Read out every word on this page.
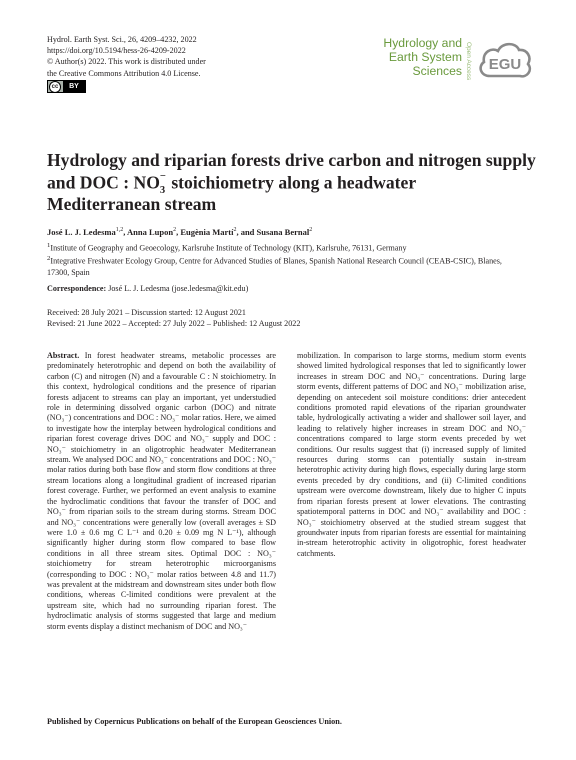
Hydrol. Earth Syst. Sci., 26, 4209–4232, 2022
https://doi.org/10.5194/hess-26-4209-2022
© Author(s) 2022. This work is distributed under
the Creative Commons Attribution 4.0 License.
cc	BY
Hydrology and
Earth System
Sciences Open Access EGU
Hydrology and riparian forests drive carbon and nitrogen supply
and DOC : NO −
3 stoichiometry along a headwater
Mediterranean stream
José L. J. Ledesma$^{1,2}$, Anna Lupon$^2$, Eugènia Martí$^2$, and Susana Bernal$^2$
$^1$Institute of Geography and Geoecology, Karlsruhe Institute of Technology (KIT), Karlsruhe, 76131, Germany
$^2$Integrative Freshwater Ecology Group, Centre for Advanced Studies of Blanes, Spanish National Research Council (CEAB-CSIC), Blanes, 17300, Spain
Correspondence: José L. J. Ledesma (jose.ledesma@kit.edu)
Received: 28 July 2021 – Discussion started: 12 August 2021
Revised: 21 June 2022 – Accepted: 27 July 2022 – Published: 12 August 2022

Abstract. In forest headwater streams, metabolic processes are predominately heterotrophic and depend on both the availability of carbon (C) and nitrogen (N) and a favourable C : N stoichiometry. In this context, hydrological conditions and the presence of riparian forests adjacent to streams can play an important, yet understudied role in determining dissolved organic carbon (DOC) and nitrate (NO₃⁻) concentrations and DOC : NO₃⁻ molar ratios. Here, we aimed to investigate how the interplay between hydrological conditions and riparian forest coverage drives DOC and NO₃⁻ supply and DOC : NO₃⁻ stoichiometry in an oligotrophic headwater Mediterranean stream. We analysed DOC and NO₃⁻ concentrations and DOC : NO₃⁻ molar ratios during both base flow and storm flow conditions at three stream locations along a longitudinal gradient of increased riparian forest coverage. Further, we performed an event analysis to examine the hydroclimatic conditions that favour the transfer of DOC and NO₃⁻ from riparian soils to the stream during storms. Stream DOC and NO₃⁻ concentrations were generally low (overall averages ± SD were 1.0 ± 0.6 mg C L⁻¹ and 0.20 ± 0.09 mg N L⁻¹), although significantly higher during storm flow compared to base flow conditions in all three stream sites. Optimal DOC : NO₃⁻ stoichiometry for stream heterotrophic microorganisms (corresponding to DOC : NO₃⁻ molar ratios between 4.8 and 11.7) was prevalent at the midstream and downstream sites under both flow conditions, whereas C-limited conditions were prevalent at the upstream site, which had no surrounding riparian forest. The hydroclimatic analysis of storms suggested that large and medium storm events display a distinct mechanism of DOC and NO₃⁻

mobilization. In comparison to large storms, medium storm events showed limited hydrological responses that led to significantly lower increases in stream DOC and NO₃⁻ concentrations. During large storm events, different patterns of DOC and NO₃⁻ mobilization arise, depending on antecedent soil moisture conditions: drier antecedent conditions promoted rapid elevations of the riparian groundwater table, hydrologically activating a wider and shallower soil layer, and leading to relatively higher increases in stream DOC and NO₃⁻ concentrations compared to large storm events preceded by wet conditions. Our results suggest that (i) increased supply of limited resources during storms can potentially sustain in-stream heterotrophic activity during high flows, especially during large storm events preceded by dry conditions, and (ii) C-limited conditions upstream were overcome downstream, likely due to higher C inputs from riparian forests present at lower elevations. The contrasting spatiotemporal patterns in DOC and NO₃⁻ availability and DOC : NO₃⁻ stoichiometry observed at the studied stream suggest that groundwater inputs from riparian forests are essential for maintaining in-stream heterotrophic activity in oligotrophic, forest headwater catchments.

Published by Copernicus Publications on behalf of the European Geosciences Union.
